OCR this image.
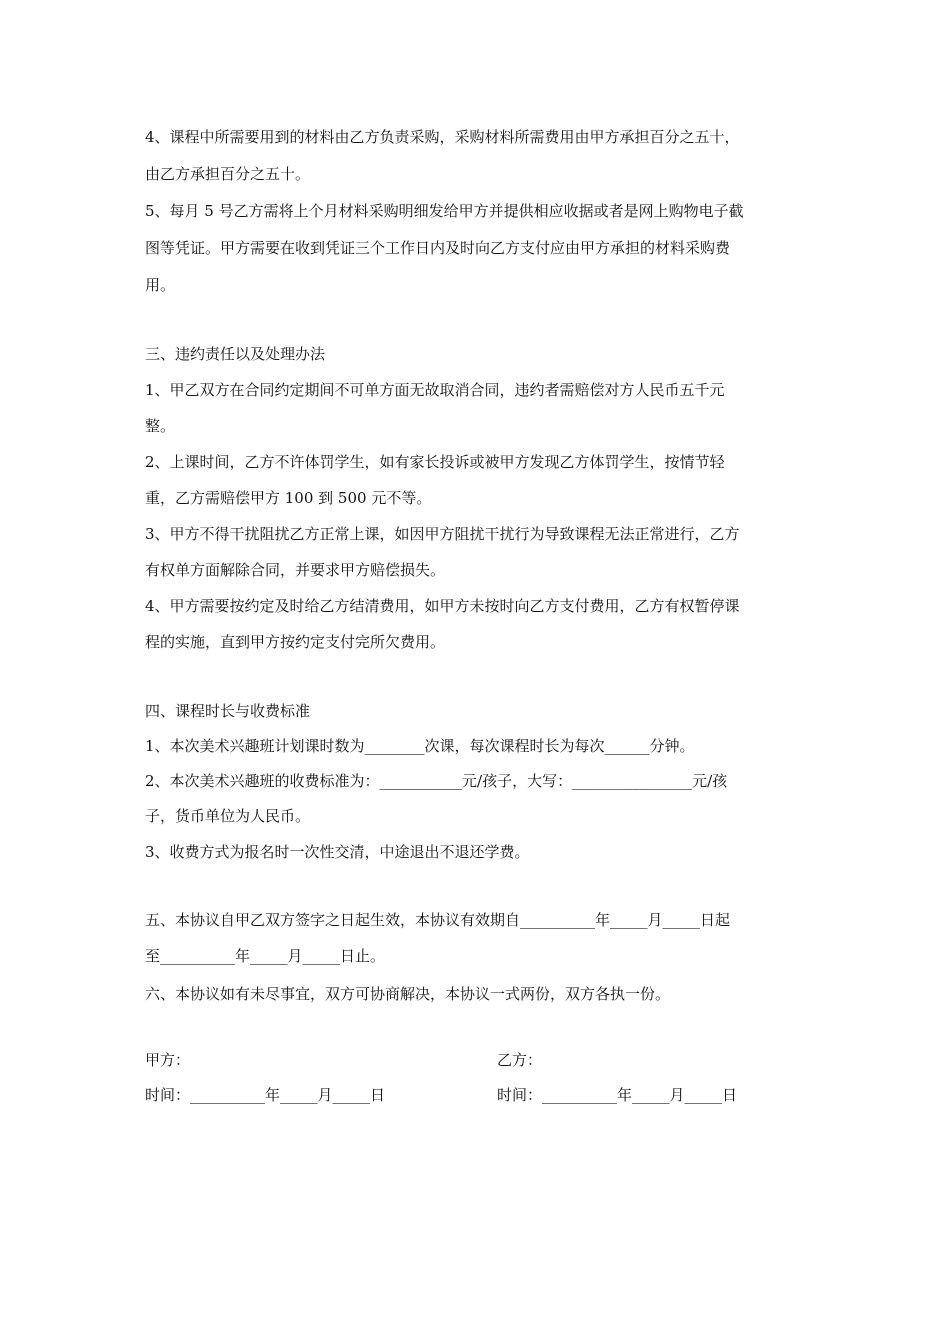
4、课程中所需要用到的材料由乙方负责采购，采购材料所需费用由甲方承担百分之五十，
由乙方承担百分之五十。
5、每月 5 号乙方需将上个月材料采购明细发给甲方并提供相应收据或者是网上购物电子截
图等凭证。甲方需要在收到凭证三个工作日内及时向乙方支付应由甲方承担的材料采购费
用。
三、违约责任以及处理办法
1、甲乙双方在合同约定期间不可单方面无故取消合同，违约者需赔偿对方人民币五千元
整。
2、上课时间，乙方不许体罚学生，如有家长投诉或被甲方发现乙方体罚学生，按情节轻
重，乙方需赔偿甲方 100 到 500 元不等。
3、甲方不得干扰阻扰乙方正常上课，如因甲方阻扰干扰行为导致课程无法正常进行，乙方
有权单方面解除合同，并要求甲方赔偿损失。
4、甲方需要按约定及时给乙方结清费用，如甲方未按时向乙方支付费用，乙方有权暂停课
程的实施，直到甲方按约定支付完所欠费用。
四、课程时长与收费标准
1、本次美术兴趣班计划课时数为________次课，每次课程时长为每次______分钟。
2、本次美术兴趣班的收费标准为：___________元/孩子，大写：________________元/孩
子，货币单位为人民币。
3、收费方式为报名时一次性交清，中途退出不退还学费。
五、本协议自甲乙双方签字之日起生效，本协议有效期自__________年_____月_____日起
至__________年_____月_____日止。
六、本协议如有未尽事宜，双方可协商解决，本协议一式两份，双方各执一份。
甲方：	乙方：
时间：__________年_____月_____日	时间：__________年_____月_____日
